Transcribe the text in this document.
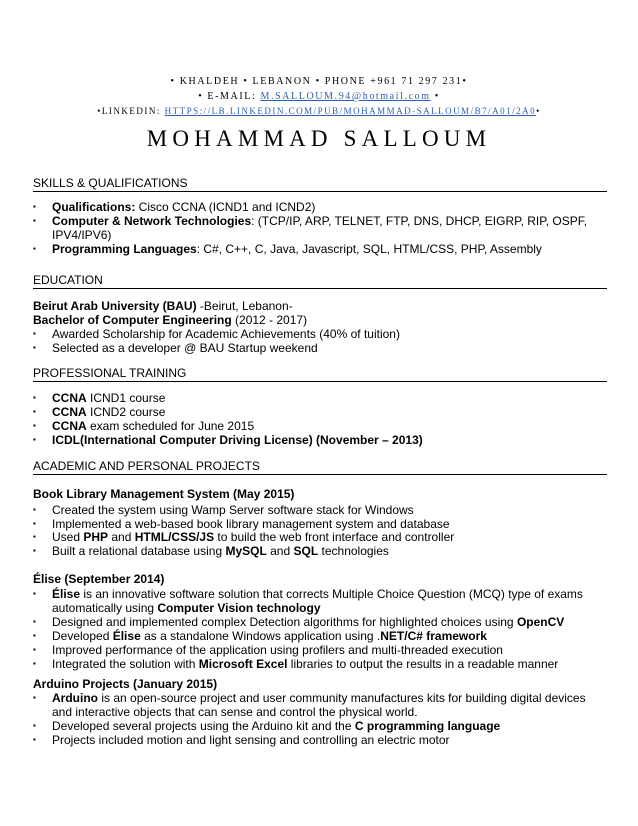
• KHALDEH • LEBANON • PHONE +961 71 297 231•
• E-MAIL: M.SALLOUM.94@hotmail.com •
•LINKEDIN: HTTPS://LB.LINKEDIN.COM/PUB/MOHAMMAD-SALLOUM/B7/A01/2A0•
MOHAMMAD SALLOUM
SKILLS & QUALIFICATIONS
▪	Qualifications: Cisco CCNA (ICND1 and ICND2)
▪	Computer & Network Technologies: (TCP/IP, ARP, TELNET, FTP, DNS, DHCP, EIGRP, RIP, OSPF, IPV4/IPV6)
▪	Programming Languages: C#, C++, C, Java, Javascript, SQL, HTML/CSS, PHP, Assembly
EDUCATION
Beirut Arab University (BAU) -Beirut, Lebanon-
Bachelor of Computer Engineering (2012 - 2017)
▪	Awarded Scholarship for Academic Achievements (40% of tuition)
▪	Selected as a developer @ BAU Startup weekend
PROFESSIONAL TRAINING
▪	CCNA ICND1 course
▪	CCNA ICND2 course
▪	CCNA exam scheduled for June 2015
▪	ICDL(International Computer Driving License) (November – 2013)
ACADEMIC AND PERSONAL PROJECTS
Book Library Management System (May 2015)
▪	Created the system using Wamp Server software stack for Windows
▪	Implemented a web-based book library management system and database
▪	Used PHP and HTML/CSS/JS to build the web front interface and controller
▪	Built a relational database using MySQL and SQL technologies
Élise (September 2014)
▪	Élise is an innovative software solution that corrects Multiple Choice Question (MCQ) type of exams automatically using Computer Vision technology
▪	Designed and implemented complex Detection algorithms for highlighted choices using OpenCV
▪	Developed Élise as a standalone Windows application using .NET/C# framework
▪	Improved performance of the application using profilers and multi-threaded execution
▪	Integrated the solution with Microsoft Excel libraries to output the results in a readable manner
Arduino Projects (January 2015)
▪	Arduino is an open-source project and user community manufactures kits for building digital devices and interactive objects that can sense and control the physical world.
▪	Developed several projects using the Arduino kit and the C programming language
▪	Projects included motion and light sensing and controlling an electric motor
